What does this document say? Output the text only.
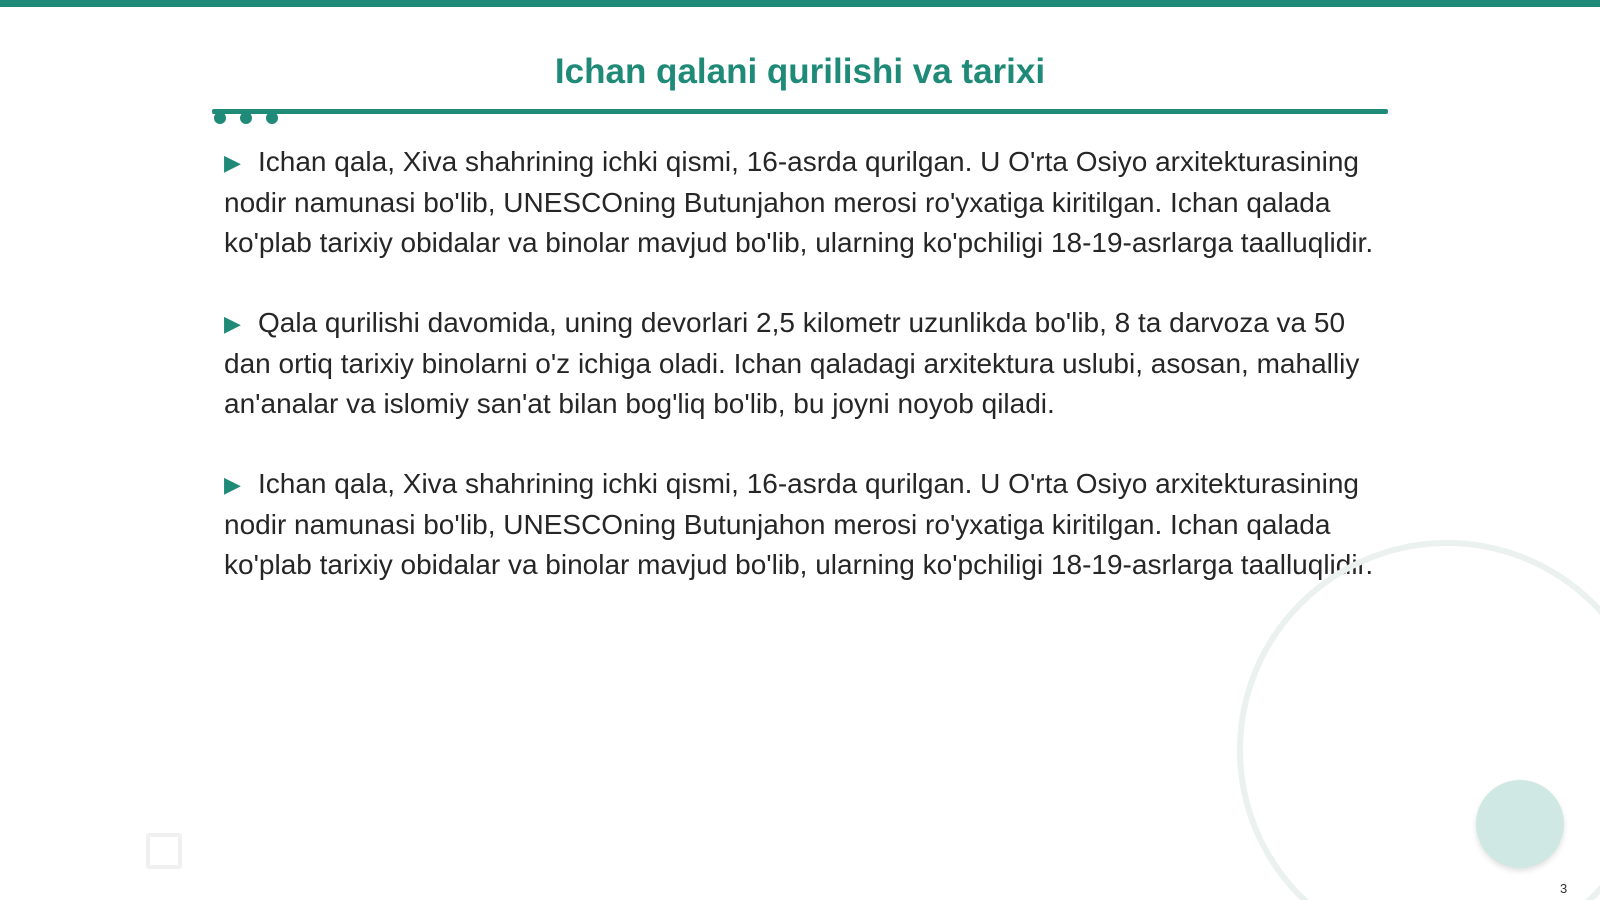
Ichan qalani qurilishi va tarixi

▶ Ichan qala, Xiva shahrining ichki qismi, 16-asrda qurilgan. U O'rta Osiyo arxitekturasining nodir namunasi bo'lib, UNESCOning Butunjahon merosi ro'yxatiga kiritilgan. Ichan qalada ko'plab tarixiy obidalar va binolar mavjud bo'lib, ularning ko'pchiligi 18-19-asrlarga taalluqlidir.

▶ Qala qurilishi davomida, uning devorlari 2,5 kilometr uzunlikda bo'lib, 8 ta darvoza va 50 dan ortiq tarixiy binolarni o'z ichiga oladi. Ichan qaladagi arxitektura uslubi, asosan, mahalliy an'analar va islomiy san'at bilan bog'liq bo'lib, bu joyni noyob qiladi.

▶ Ichan qala, Xiva shahrining ichki qismi, 16-asrda qurilgan. U O'rta Osiyo arxitekturasining nodir namunasi bo'lib, UNESCOning Butunjahon merosi ro'yxatiga kiritilgan. Ichan qalada ko'plab tarixiy obidalar va binolar mavjud bo'lib, ularning ko'pchiligi 18-19-asrlarga taalluqlidir.

3
